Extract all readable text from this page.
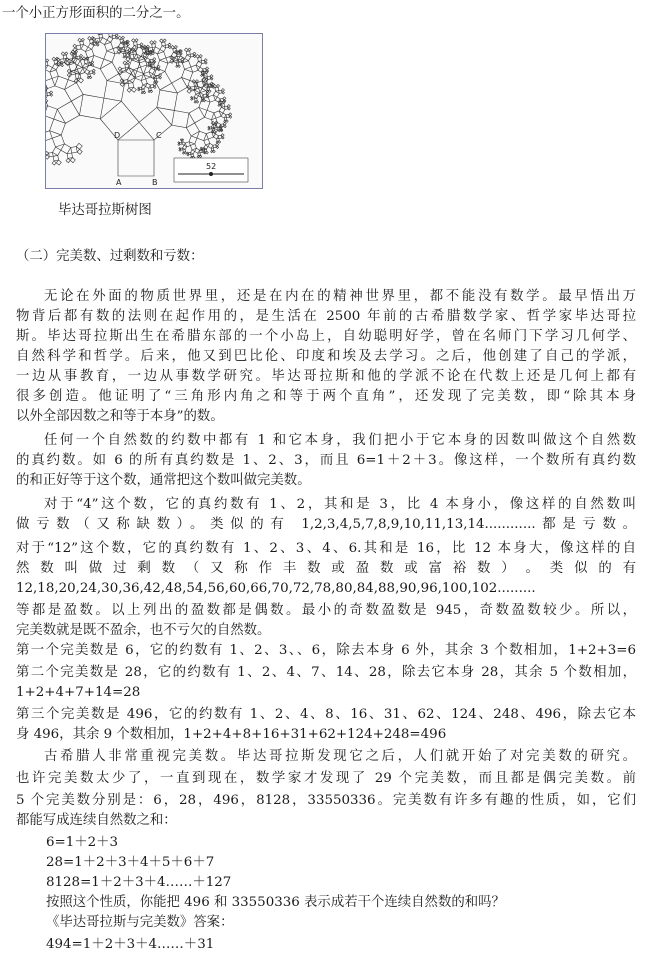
一个小正方形面积的二分之一。
D	C
A	B
52
毕达哥拉斯树图
（二）完美数、过剩数和亏数：
无论在外面的物质世界里，还是在内在的精神世界里，都不能没有数学。最早悟出万
物背后都有数的法则在起作用的，是生活在 2500 年前的古希腊数学家、哲学家毕达哥拉
斯。毕达哥拉斯出生在希腊东部的一个小岛上，自幼聪明好学，曾在名师门下学习几何学、
自然科学和哲学。后来，他又到巴比伦、印度和埃及去学习。之后，他创建了自己的学派，
一边从事教育，一边从事数学研究。毕达哥拉斯和他的学派不论在代数上还是几何上都有
很多创造。他证明了“三角形内角之和等于两个直角”，还发现了完美数，即“除其本身
以外全部因数之和等于本身”的数。
任何一个自然数的约数中都有 1 和它本身，我们把小于它本身的因数叫做这个自然数
的真约数。如 6 的所有真约数是 1、2、3，而且 6=1＋2＋3。像这样，一个数所有真约数
的和正好等于这个数，通常把这个数叫做完美数。
对于“4”这个数，它的真约数有 1、2，其和是 3，比 4 本身小，像这样的自然数叫
做亏数（又称缺数）。类似的有 1,2,3,4,5,7,8,9,10,11,13,14............都是亏数。
对于“12”这个数，它的真约数有 1、2、3、4、6.其和是 16，比 12 本身大，像这样的自
然 数 叫 做 过 剩 数 （ 又 称 作 丰 数 或 盈 数 或 富 裕 数 ） 。 类 似 的 有
12,18,20,24,30,36,42,48,54,56,60,66,70,72,78,80,84,88,90,96,100,102.........
等都是盈数。以上列出的盈数都是偶数。最小的奇数盈数是 945，奇数盈数较少。所以，
完美数就是既不盈余，也不亏欠的自然数。
第一个完美数是 6，它的约数有 1、2、3、、6，除去本身 6 外，其余 3 个数相加，1+2+3=6
第二个完美数是 28，它的约数有 1、2、4、7、14、28，除去它本身 28，其余 5 个数相加，
1+2+4+7+14=28
第三个完美数是 496，它的约数有 1、2、4、8、16、31、62、124、248、496，除去它本
身 496，其余 9 个数相加，1+2+4+8+16+31+62+124+248=496
古希腊人非常重视完美数。毕达哥拉斯发现它之后，人们就开始了对完美数的研究。
也许完美数太少了，一直到现在，数学家才发现了 29 个完美数，而且都是偶完美数。前
5 个完美数分别是：6，28，496，8128，33550336。完美数有许多有趣的性质，如，它们
都能写成连续自然数之和：
6=1＋2＋3
28=1＋2＋3＋4＋5＋6＋7
8128=1＋2＋3＋4……＋127
按照这个性质，你能把 496 和 33550336 表示成若干个连续自然数的和吗？
《毕达哥拉斯与完美数》答案：
494=1＋2＋3＋4……＋31
